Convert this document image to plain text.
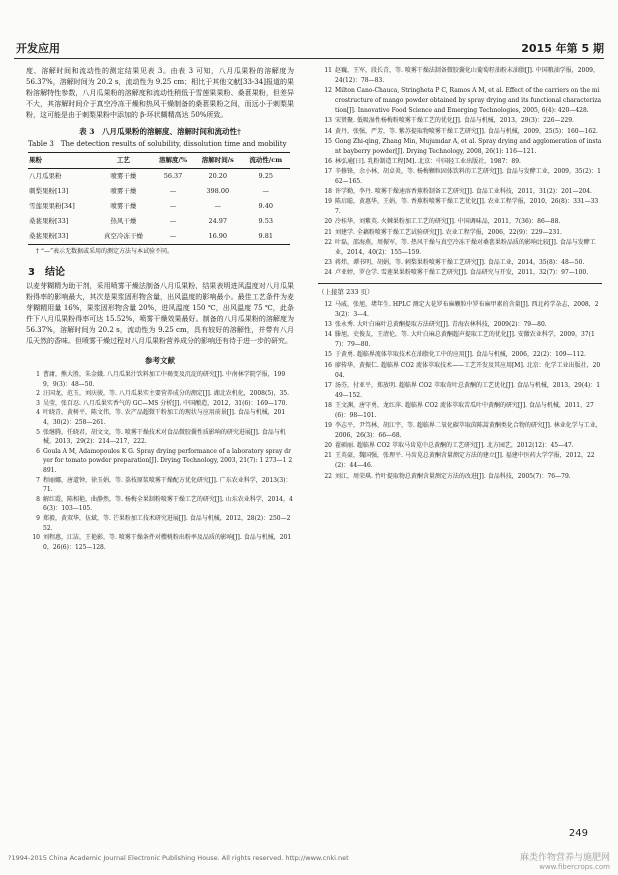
开发应用	2015 年第 5 期

度、溶解时间和流动性的测定结果见表 3。由表 3 可知，八月瓜果粉的溶解度为 56.37%，溶解时间为 20.2 s，流动性为 9.25 cm；相比于其他文献[33-34]报道的果粉溶解特性参数，八月瓜果粉的溶解度和流动性稍低于雪莲果果粉、桑葚果粉，但差异不大，其溶解时间介于真空冷冻干燥和热风干燥制备的桑葚果粉之间，而远小于刺梨果粉，这可能是由于刺梨果粉中添加的 β-环状糊精高达 50%所致。

表 3　八月瓜果粉的溶解度、溶解时间和流动性†
Table 3　The detection results of solubility, dissolution time and mobility
果粉	工艺	溶解度/%	溶解时间/s	流动性/cm
八月瓜果粉	喷雾干燥	56.37	20.20	9.25
刺梨果粉[13]	喷雾干燥	—	398.00	—
雪莲果果粉[34]	喷雾干燥	—	—	9.40
桑葚果粉[33]	热风干燥	—	24.97	9.53
桑葚果粉[33]	真空冷冻干燥	—	16.90	9.81
† “—”表示无数据或采用的测定方法与本试验不同。
3 结论

以麦芽糊精为助干剂，采用喷雾干燥法制备八月瓜果粉，结果表明进风温度对八月瓜果粉得率的影响最大，其次是果浆固形物含量，出风温度的影响最小。最佳工艺条件为麦芽糊精用量 16%，果浆固形物含量 20%，进风温度 150 ℃，出风温度 75 ℃，此条件下八月瓜果粉得率可达 15.52%，喷雾干燥效果最好。制备的八月瓜果粉的溶解度为 56.37%，溶解时间为 20.2 s，流动性为 9.25 cm，具有较好的溶解性，并带有八月瓜天然的香味。但喷雾干燥过程对八月瓜果粉营养成分的影响还有待于进一步的研究。

参考文献
1 曹庸，熊大胜，朱金娥. 八月瓜果汁饮料加工中褐变及沉淀的研究[J]. 中南林学院学报，1999，9(3)：48—50.
2 汪国龙，范玉，刘庆骏，等. 八月瓜果实主要营养成分的测定[J]. 湖北农机化，2008(5)，35.
3 吴莹，张百忍. 八月瓜果实香气的 GC—MS 分析[J]. 中国酿造，2012，31(6)：169—170.
4 叶晓青，黄树平，陈文伟，等. 农产品超微干粉加工的现状与应用前景[J]. 食品与机械，2014，30(2)：258—261.
5 张继腾，任晓君，胡文文，等. 喷雾干燥技术对食品微胶囊性质影响的研究进展[J]. 食品与机械，2013，29(2)：214—217，222.
6 Goula A M, Adamopoulos K G. Spray drying performance of a laboratory spray dryer for tomato powder preparation[J]. Drying Technology, 2003, 21(7): 1 273—1 2891.
7 程丽娜，唐道钟，徐玉娟，等. 荔枝原浆喷雾干燥配方优化研究[J]. 广东农业科学，2013(3)：71.
8 解红霞，陈相艳，曲静然，等. 杨梅全果制粉喷雾干燥工艺的研究[J]. 山东农业科学，2014，46(3)：103—105.
9 郑毅，黄双华，伍斌，等. 芒果粉加工技术研究进展[J]. 食品与机械，2012，28(2)：250—252.
10 刘程惠，江洁，王艳影，等. 喷雾干燥条件对樱桃粉出粉率及品质的影响[J]. 食品与机械，2010，26(6)：125—128.
11 赵巍，王军，段长青，等. 喷雾干燥法制备微胶囊化山葡萄籽油粉末油脂[J]. 中国粮油学报，2009，24(12)：78—83.
12 Milton Cano-Chauca, Stringheta P C, Ramos A M, et al. Effect of the carriers on the microstructure of mango powder obtained by spray drying and its functional characterization[J]. Innovative Food Science and Emerging Technologies, 2005, 6(4): 420—428.
13 宋贤聚. 低吸湿性杨梅粉喷雾干燥工艺的优化[J]. 食品与机械，2013，29(3)：226—229.
14 黄丹，张强，严芳，等. 紫苏提取物喷雾干燥工艺研究[J]. 食品与机械，2009，25(5)：160—162.
15 Gong Zhi-qing, Zhang Min, Mujumdar A, et al. Spray drying and agglomeration of instant bayberry powder[J]. Drying Technology, 2008, 26(1): 116—121.
16 林弘通[日]. 乳粉制造工程[M]. 北京：中国轻工业出版社，1987：89.
17 辛修锋，余小林，胡卓炎，等. 杨梅颗粒固体饮料的工艺研究[J]. 食品与发酵工业，2009，35(2)：162—165.
18 许学勤，李丹. 喷雾干燥速溶香蕉粉制备工艺研究[J]. 食品工业科技，2011，31(2)：201—204.
19 陈启聪，黄惠华，王娟，等. 香蕉粉喷雾干燥工艺优化[J]. 农业工程学报，2010，26(8)：331—337.
20 冷桂华，刘紫英. 火棘果粉加工工艺的研究[J]. 中国调味品，2011，7(36)：86—88.
21 刘建学. 全藕粉喷雾干燥工艺试验研究[J]. 农业工程学报，2006，22(9)：229—231.
22 叶磊，邵海燕，周振军，等. 热风干燥与真空冷冻干燥对桑葚果粉品质的影响比较[J]. 食品与发酵工业，2014，40(2)：155—159.
23 蒋炜，谭书明，胡娟，等. 刺梨果粉喷雾干燥工艺研究[J]. 食品工业，2014，35(8)：48—50.
24 卢亚婷，罗仓学. 雪莲果果粉喷雾干燥工艺研究[J]. 食品研究与开发，2011，32(7)：97—100.
（上接第 233 页）
12 马威，张旭，堵年生. HPLC 测定大花罗布麻颗粒中罗布麻甲素的含量[J]. 西北药学杂志，2008，23(2)：3—4.
13 张永秀. 大叶白麻叶总黄酮提取方法研究[J]. 青海农林科技，2009(2)：79—80.
14 滕旭，史俊友，王清伦，等. 大叶白麻总黄酮超声提取工艺的优化[J]. 安徽农业科学，2009，37(17)：79—80.
15 于黄勇. 超临界流体萃取技术在油脂化工中的应用[J]. 食品与机械，2006，22(2)：109—112.
16 廖传华，黄振仁. 超临界 CO2 流体萃取技术——工艺开发及其应用[M]. 北京：化学工业出版社，2004.
17 汤芬，付亚平，郑放明. 超临界 CO2 萃取奇叶总黄酮的工艺优化[J]. 食品与机械，2013，29(4)：149—152.
18 王文渊，唐守勇，龙红萍. 超临界 CO2 流体萃取苦瓜叶中黄酮的研究[J]. 食品与机械，2011，27(6)：98—101.
19 李志平，尹笃林，胡江宇，等. 超临界二氧化碳萃取茵陈蒿黄酮类化合物的研究[J]. 林业化学与工业，2006，26(3)：66—68.
20 翟硕丽. 超临界 CO2 萃取马齿苋中总黄酮的工艺研究[J]. 北方园艺，2012(12)：45—47.
21 王英豪，魏国强，张理平. 马齿苋总黄酮含量测定方法的建立[J]. 福建中医药大学学报，2012，22(2)：44—46.
22 刘江，周荣琪. 竹叶提取物总黄酮含量测定方法的改进[J]. 食品科技，2005(7)：76—79.
249
?1994-2015 China Academic Journal Electronic Publishing House. All rights reserved. http://www.cnki.net	麻类作物营养与施肥网
www.fibercrops.com
